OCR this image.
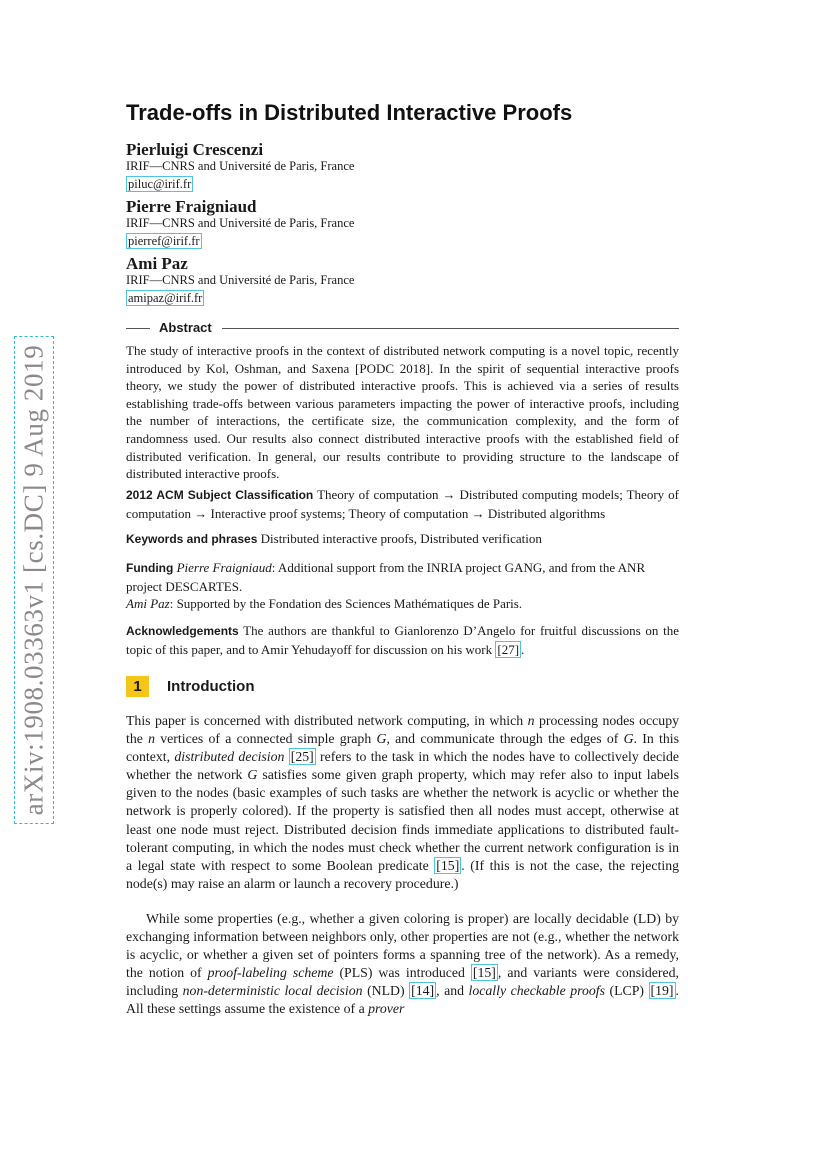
arXiv:1908.03363v1 [cs.DC] 9 Aug 2019
Trade-offs in Distributed Interactive Proofs
Pierluigi Crescenzi
IRIF—CNRS and Université de Paris, France
piluc@irif.fr
Pierre Fraigniaud
IRIF—CNRS and Université de Paris, France
pierref@irif.fr
Ami Paz
IRIF—CNRS and Université de Paris, France
amipaz@irif.fr
Abstract

The study of interactive proofs in the context of distributed network computing is a novel topic, recently introduced by Kol, Oshman, and Saxena [PODC 2018]. In the spirit of sequential interactive proofs theory, we study the power of distributed interactive proofs. This is achieved via a series of results establishing trade-offs between various parameters impacting the power of interactive proofs, including the number of interactions, the certificate size, the communication complexity, and the form of randomness used. Our results also connect distributed interactive proofs with the established field of distributed verification. In general, our results contribute to providing structure to the landscape of distributed interactive proofs.

2012 ACM Subject Classification Theory of computation → Distributed computing models; Theory of computation → Interactive proof systems; Theory of computation → Distributed algorithms

Keywords and phrases Distributed interactive proofs, Distributed verification

Funding Pierre Fraigniaud: Additional support from the INRIA project GANG, and from the ANR project DESCARTES.
Ami Paz: Supported by the Fondation des Sciences Mathématiques de Paris.

Acknowledgements The authors are thankful to Gianlorenzo D’Angelo for fruitful discussions on the topic of this paper, and to Amir Yehudayoff for discussion on his work [27] .

1 Introduction

This paper is concerned with distributed network computing, in which n processing nodes occupy the n vertices of a connected simple graph G, and communicate through the edges of G. In this context, distributed decision [25] refers to the task in which the nodes have to collectively decide whether the network G satisfies some given graph property, which may refer also to input labels given to the nodes (basic examples of such tasks are whether the network is acyclic or whether the network is properly colored). If the property is satisfied then all nodes must accept, otherwise at least one node must reject. Distributed decision finds immediate applications to distributed fault-tolerant computing, in which the nodes must check whether the current network configuration is in a legal state with respect to some Boolean predicate [15] . (If this is not the case, the rejecting node(s) may raise an alarm or launch a recovery procedure.)

While some properties (e.g., whether a given coloring is proper) are locally decidable (LD) by exchanging information between neighbors only, other properties are not (e.g., whether the network is acyclic, or whether a given set of pointers forms a spanning tree of the network). As a remedy, the notion of proof-labeling scheme (PLS) was introduced [15] , and variants were considered, including non-deterministic local decision (NLD) [14] , and locally checkable proofs (LCP) [19] . All these settings assume the existence of a prover
